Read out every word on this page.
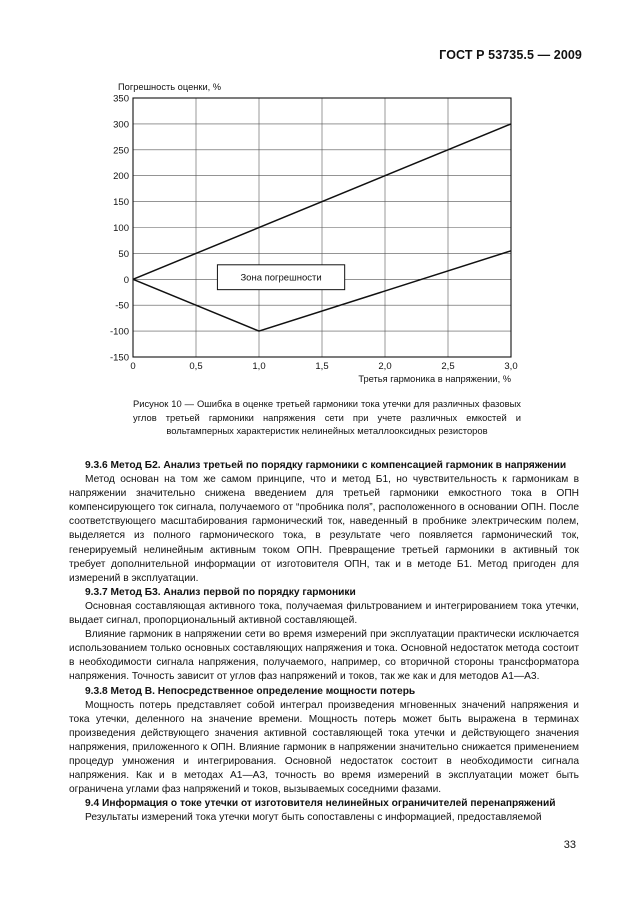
ГОСТ Р 53735.5 — 2009
350
300
250
200
150
100
50
0
-50
-100
-150
0	0,5	1,0	1,5	2,0	2,5	3,0
Погрешность оценки, %
Третья гармоника в напряжении, %
Зона погрешности
Рисунок 10 — Ошибка в оценке третьей гармоники тока утечки для различных фазовых углов третьей гармоники напряжения сети при учете различных емкостей и вольтамперных характеристик нелинейных металлооксидных резисторов

9.3.6 Метод Б2. Анализ третьей по порядку гармоники с компенсацией гармоник в напряжении

Метод основан на том же самом принципе, что и метод Б1, но чувствительность к гармоникам в напряжении значительно снижена введением для третьей гармоники емкостного тока в ОПН компенсирующего ток сигнала, получаемого от “пробника поля”, расположенного в основании ОПН. После соответствующего масштабирования гармонический ток, наведенный в пробнике электрическим полем, выделяется из полного гармонического тока, в результате чего появляется гармонический ток, генерируемый нелинейным активным током ОПН. Превращение третьей гармоники в активный ток требует дополнительной информации от изготовителя ОПН, так и в методе Б1. Метод пригоден для измерений в эксплуатации.

9.3.7 Метод Б3. Анализ первой по порядку гармоники

Основная составляющая активного тока, получаемая фильтрованием и интегрированием тока утечки, выдает сигнал, пропорциональный активной составляющей.

Влияние гармоник в напряжении сети во время измерений при эксплуатации практически исключается использованием только основных составляющих напряжения и тока. Основной недостаток метода состоит в необходимости сигнала напряжения, получаемого, например, со вторичной стороны трансформатора напряжения. Точность зависит от углов фаз напряжений и токов, так же как и для методов А1—А3.

9.3.8 Метод В. Непосредственное определение мощности потерь

Мощность потерь представляет собой интеграл произведения мгновенных значений напряжения и тока утечки, деленного на значение времени. Мощность потерь может быть выражена в терминах произведения действующего значения активной составляющей тока утечки и действующего значения напряжения, приложенного к ОПН. Влияние гармоник в напряжении значительно снижается применением процедур умножения и интегрирования. Основной недостаток состоит в необходимости сигнала напряжения. Как и в методах А1—А3, точность во время измерений в эксплуатации может быть ограничена углами фаз напряжений и токов, вызываемых соседними фазами.

9.4 Информация о токе утечки от изготовителя нелинейных ограничителей перенапряжений

Результаты измерений тока утечки могут быть сопоставлены с информацией, предоставляемой

33
